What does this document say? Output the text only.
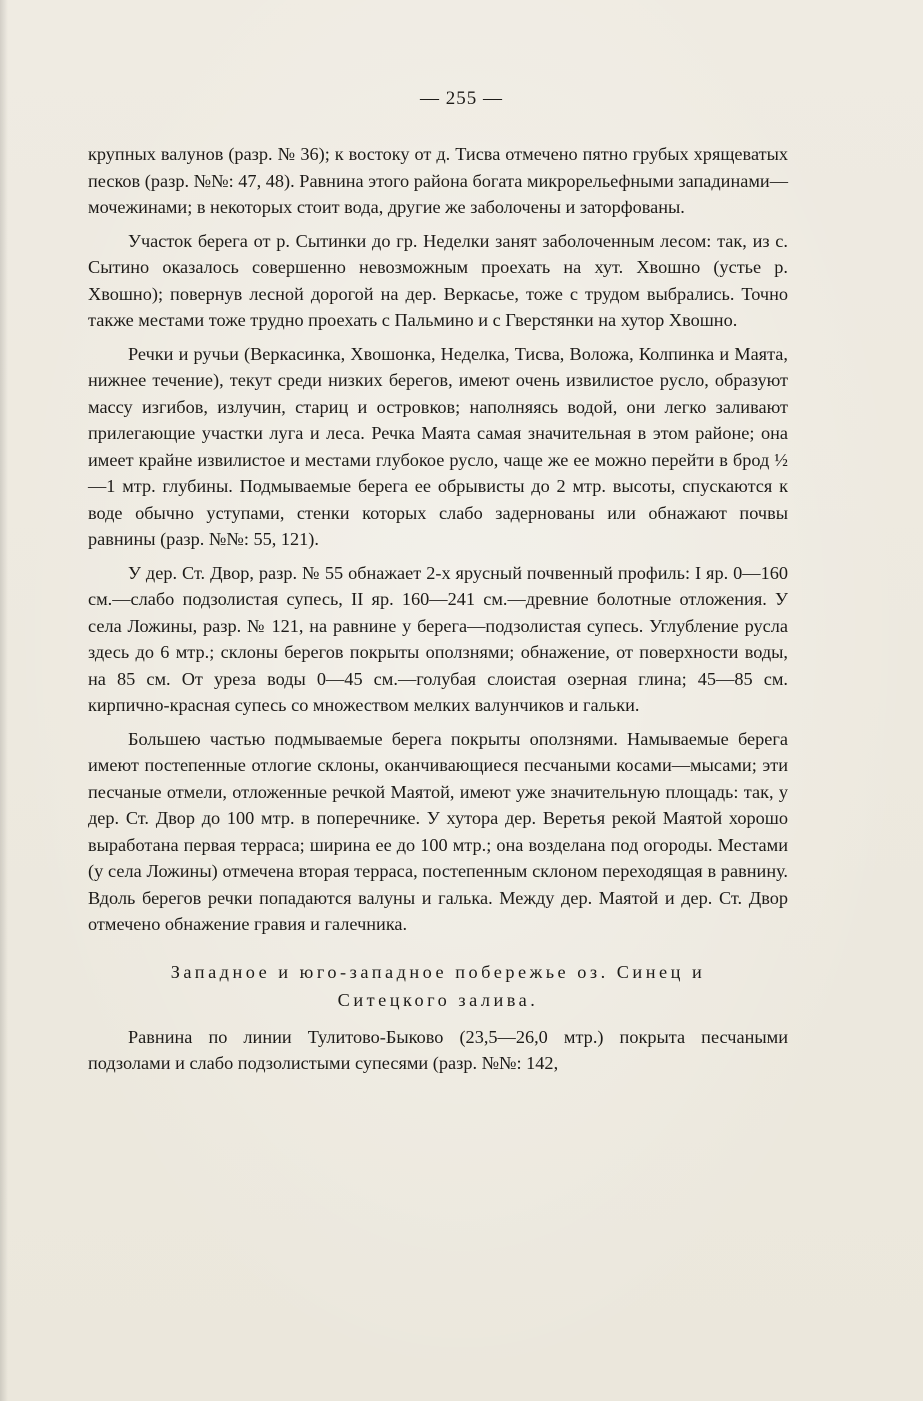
— 255 —

крупных валунов (разр. № 36); к востоку от д. Тисва отмечено пятно грубых хрящеватых песков (разр. №№: 47, 48). Равнина этого района богата микрорельефными западинами—мочежинами; в некоторых стоит вода, другие же заболочены и заторфованы.

Участок берега от р. Сытинки до гр. Неделки занят заболоченным лесом: так, из с. Сытино оказалось совершенно невозможным проехать на хут. Хвошно (устье р. Хвошно); повернув лесной дорогой на дер. Веркасье, тоже с трудом выбрались. Точно также местами тоже трудно проехать с Пальмино и с Гверстянки на хутор Хвошно.

Речки и ручьи (Веркасинка, Хвошонка, Неделка, Тисва, Воложа, Колпинка и Маята, нижнее течение), текут среди низких берегов, имеют очень извилистое русло, образуют массу изгибов, излучин, стариц и островков; наполняясь водой, они легко заливают прилегающие участки луга и леса. Речка Маята самая значительная в этом районе; она имеет крайне извилистое и местами глубокое русло, чаще же ее можно перейти в брод ½—1 мтр. глубины. Подмываемые берега ее обрывисты до 2 мтр. высоты, спускаются к воде обычно уступами, стенки которых слабо задернованы или обнажают почвы равнины (разр. №№: 55, 121).

У дер. Ст. Двор, разр. № 55 обнажает 2-х ярусный почвенный профиль: I яр. 0—160 см.—слабо подзолистая супесь, II яр. 160—241 см.—древние болотные отложения. У села Ложины, разр. № 121, на равнине у берега—подзолистая супесь. Углубление русла здесь до 6 мтр.; склоны берегов покрыты оползнями; обнажение, от поверхности воды, на 85 см. От уреза воды 0—45 см.—голубая слоистая озерная глина; 45—85 см. кирпично-красная супесь со множеством мелких валунчиков и гальки.

Большею частью подмываемые берега покрыты оползнями. Намываемые берега имеют постепенные отлогие склоны, оканчивающиеся песчаными косами—мысами; эти песчаные отмели, отложенные речкой Маятой, имеют уже значительную площадь: так, у дер. Ст. Двор до 100 мтр. в поперечнике. У хутора дер. Веретья рекой Маятой хорошо выработана первая терраса; ширина ее до 100 мтр.; она возделана под огороды. Местами (у села Ложины) отмечена вторая терраса, постепенным склоном переходящая в равнину. Вдоль берегов речки попадаются валуны и галька. Между дер. Маятой и дер. Ст. Двор отмечено обнажение гравия и галечника.

Западное и юго-западное побережье оз. Синец и
Ситецкого залива.

Равнина по линии Тулитово-Быково (23,5—26,0 мтр.) покрыта песчаными подзолами и слабо подзолистыми супесями (разр. №№: 142,
